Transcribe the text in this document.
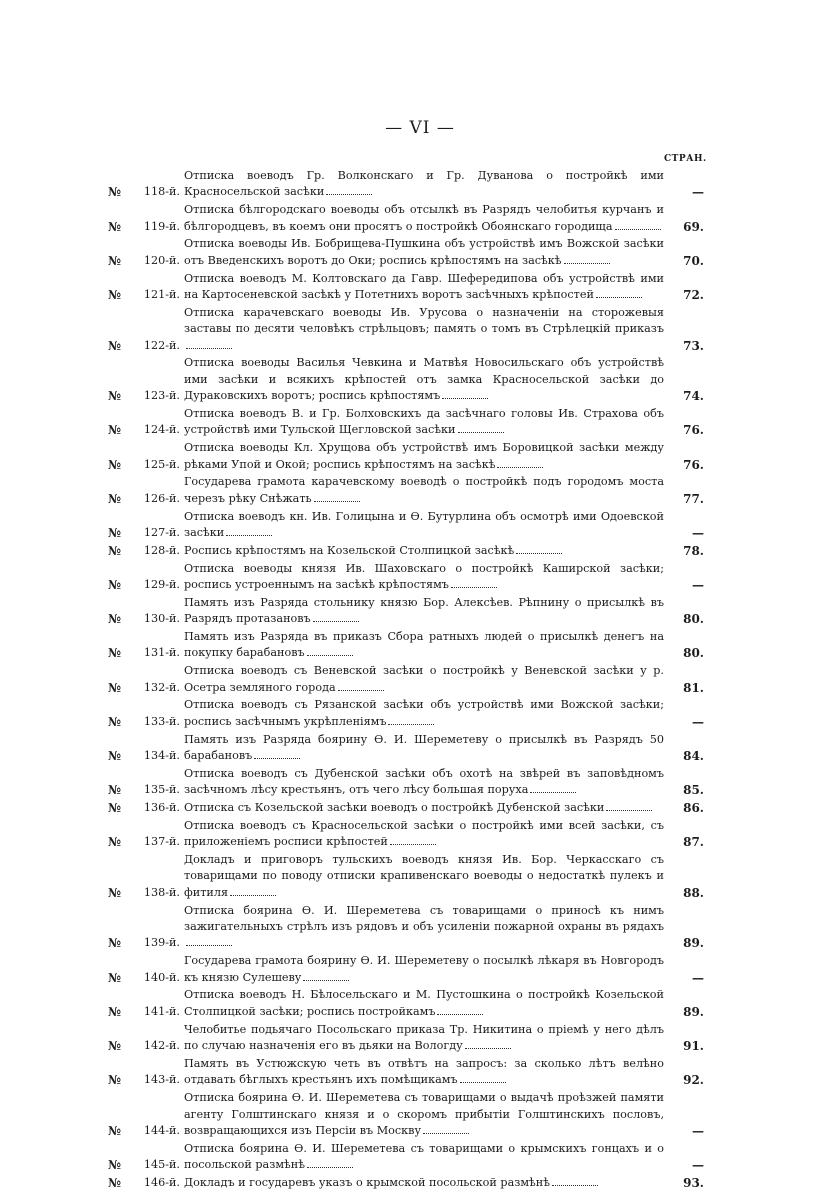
— VI —
СТРАН.
№	118-й.
Отписка воеводъ Гр. Волконскаго и Гр. Дуванова о постройкѣ ими Красносельской засѣки	—
№	119-й.
Отписка бѣлгородскаго воеводы объ отсылкѣ въ Разрядъ челобитья курчанъ и бѣлгородцевъ, въ коемъ они просятъ о постройкѣ Обоянскаго городища	69.
№	120-й.
Отписка воеводы Ив. Бобрищева-Пушкина объ устройствѣ имъ Вожской засѣки отъ Введенскихъ воротъ до Оки; роспись крѣпостямъ на засѣкѣ	70.
№	121-й.
Отписка воеводъ М. Колтовскаго да Гавр. Шефередипова объ устройствѣ ими на Картосеневской засѣкѣ у Потетнихъ воротъ засѣчныхъ крѣпостей	72.
№	122-й.
Отписка карачевскаго воеводы Ив. Урусова о назначеніи на сторожевыя заставы по десяти человѣкъ стрѣльцовъ; память о томъ въ Стрѣлецкій приказъ
73.
№	123-й.
Отписка воеводы Василья Чевкина и Матвѣя Новосильскаго объ устройствѣ ими засѣки и всякихъ крѣпостей отъ замка Красносельской засѣки до Дураковскихъ воротъ; роспись крѣпостямъ	74.
№	124-й.
Отписка воеводъ В. и Гр. Болховскихъ да засѣчнаго головы Ив. Страхова объ устройствѣ ими Тульской Щегловской засѣки	76.
№	125-й.
Отписка воеводы Кл. Хрущова объ устройствѣ имъ Боровицкой засѣки между рѣками Упой и Окой; роспись крѣпостямъ на засѣкѣ	76.
№	126-й.
Государева грамота карачевскому воеводѣ о постройкѣ подъ городомъ моста черезъ рѣку Снѣжать	77.
№	127-й.
Отписка воеводъ кн. Ив. Голицына и Ѳ. Бутурлина объ осмотрѣ ими Одоевской засѣки	—
№	128-й. Роспись крѣпостямъ на Козельской Столпицкой засѣкѣ	78.
№	129-й.
Отписка воеводы князя Ив. Шаховскаго о постройкѣ Каширской засѣки; роспись устроеннымъ на засѣкѣ крѣпостямъ	—
№	130-й.
Память изъ Разряда стольнику князю Бор. Алексѣев. Рѣпнину о присылкѣ въ Разрядъ протазановъ	80.
№	131-й.
Память изъ Разряда въ приказъ Сбора ратныхъ людей о присылкѣ денегъ на покупку барабановъ	80.
№	132-й.
Отписка воеводъ съ Веневской засѣки о постройкѣ у Веневской засѣки у р. Осетра земляного города	81.
№	133-й.
Отписка воеводъ съ Рязанской засѣки объ устройствѣ ими Вожской засѣки; роспись засѣчнымъ укрѣпленіямъ	—
№	134-й.
Память изъ Разряда боярину Ѳ. И. Шереметеву о присылкѣ въ Разрядъ 50 барабановъ	84.
№	135-й.
Отписка воеводъ съ Дубенской засѣки объ охотѣ на звѣрей въ заповѣдномъ засѣчномъ лѣсу крестьянъ, отъ чего лѣсу большая поруха	85.
№	136-й. Отписка съ Козельской засѣки воеводъ о постройкѣ Дубенской засѣки	86.
№	137-й.
Отписка воеводъ съ Красносельской засѣки о постройкѣ ими всей засѣки, съ приложеніемъ росписи крѣпостей	87.
№	138-й.
Докладъ и приговоръ тульскихъ воеводъ князя Ив. Бор. Черкасскаго съ товарищами по поводу отписки крапивенскаго воеводы о недостаткѣ пулекъ и фитиля	88.
№	139-й.
Отписка боярина Ѳ. И. Шереметева съ товарищами о приносѣ къ нимъ зажигательныхъ стрѣлъ изъ рядовъ и объ усиленіи пожарной охраны въ рядахъ
89.
№	140-й.
Государева грамота боярину Ѳ. И. Шереметеву о посылкѣ лѣкаря въ Новгородъ къ князю Сулешеву	—
№	141-й.
Отписка воеводъ Н. Бѣлосельскаго и М. Пустошкина о постройкѣ Козельской Столпицкой засѣки; роспись постройкамъ	89.
№	142-й.
Челобитье подьячаго Посольскаго приказа Тр. Никитина о пріемѣ у него дѣлъ по случаю назначенія его въ дьяки на Вологду	91.
№	143-й.
Память въ Устюжскую четь въ отвѣтъ на запросъ: за сколько лѣтъ велѣно отдавать бѣглыхъ крестьянъ ихъ помѣщикамъ	92.
№	144-й.
Отписка боярина Ѳ. И. Шереметева съ товарищами о выдачѣ проѣзжей памяти агенту Голштинскаго князя и о скоромъ прибытіи Голштинскихъ пословъ, возвращающихся изъ Персіи въ Москву	—
№	145-й.
Отписка боярина Ѳ. И. Шереметева съ товарищами о крымскихъ гонцахъ и о посольской размѣнѣ	—
№	146-й. Докладъ и государевъ указъ о крымской посольской размѣнѣ	93.
